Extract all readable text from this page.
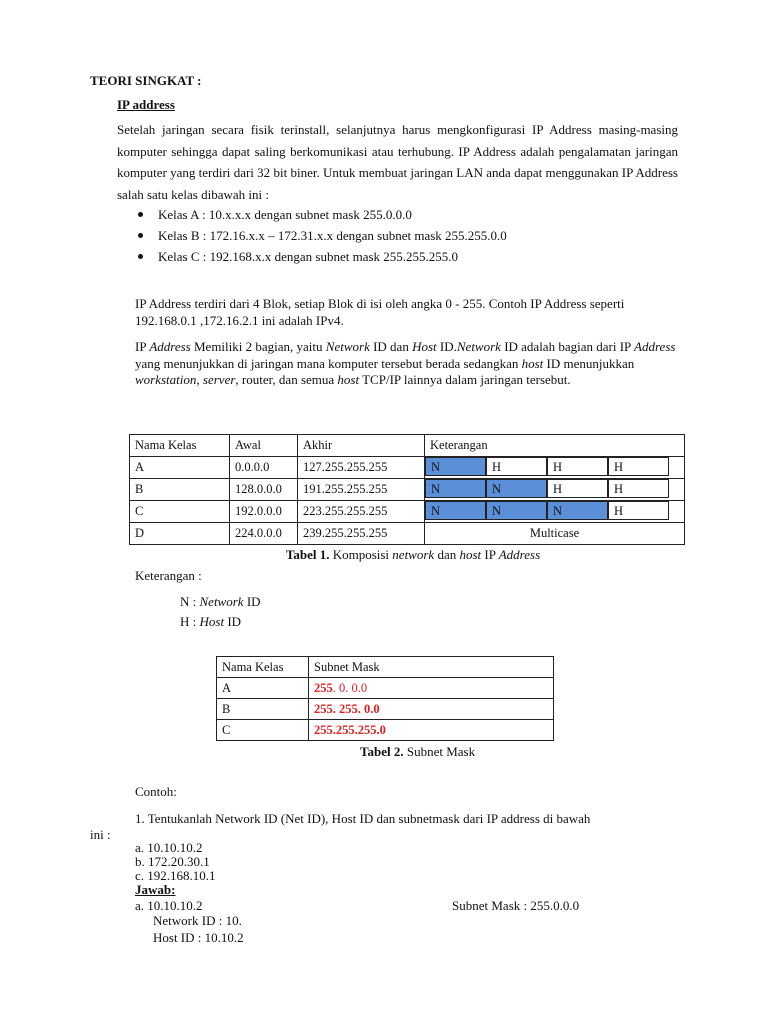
TEORI SINGKAT :
IP address
Setelah jaringan secara fisik terinstall, selanjutnya harus mengkonfigurasi IP Address masing-masing komputer sehingga dapat saling berkomunikasi atau terhubung. IP Address adalah pengalamatan jaringan komputer yang terdiri dari 32 bit biner. Untuk membuat jaringan LAN anda dapat menggunakan IP Address salah satu kelas dibawah ini :
Kelas A : 10.x.x.x dengan subnet mask 255.0.0.0
Kelas B : 172.16.x.x – 172.31.x.x dengan subnet mask 255.255.0.0
Kelas C : 192.168.x.x dengan subnet mask 255.255.255.0
IP Address terdiri dari 4 Blok, setiap Blok di isi oleh angka 0 - 255. Contoh IP Address seperti 192.168.0.1 ,172.16.2.1 ini adalah IPv4.
IP Address Memiliki 2 bagian, yaitu Network ID dan Host ID.Network ID adalah bagian dari IP Address yang menunjukkan di jaringan mana komputer tersebut berada sedangkan host ID menunjukkan workstation, server, router, dan semua host TCP/IP lainnya dalam jaringan tersebut.
Nama Kelas	Awal	Akhir	Keterangan
A	0.0.0.0	127.255.255.255	N H H H

B	128.0.0.0	191.255.255.255	N N H H

C	192.0.0.0	223.255.255.255	N N N H

D	224.0.0.0	239.255.255.255	Multicase
Tabel 1. Komposisi network dan host IP Address
Keterangan :
N : Network ID
H : Host ID
Nama Kelas	Subnet Mask
A	255. 0. 0.0
B	255. 255. 0.0
C	255.255.255.0
Tabel 2. Subnet Mask
Contoh:
1. Tentukanlah Network ID (Net ID), Host ID dan subnetmask dari IP address di bawah
ini :
a. 10.10.10.2
b. 172.20.30.1
c. 192.168.10.1
Jawab:
a. 10.10.10.2	Subnet Mask : 255.0.0.0
Network ID : 10.
Host ID : 10.10.2
